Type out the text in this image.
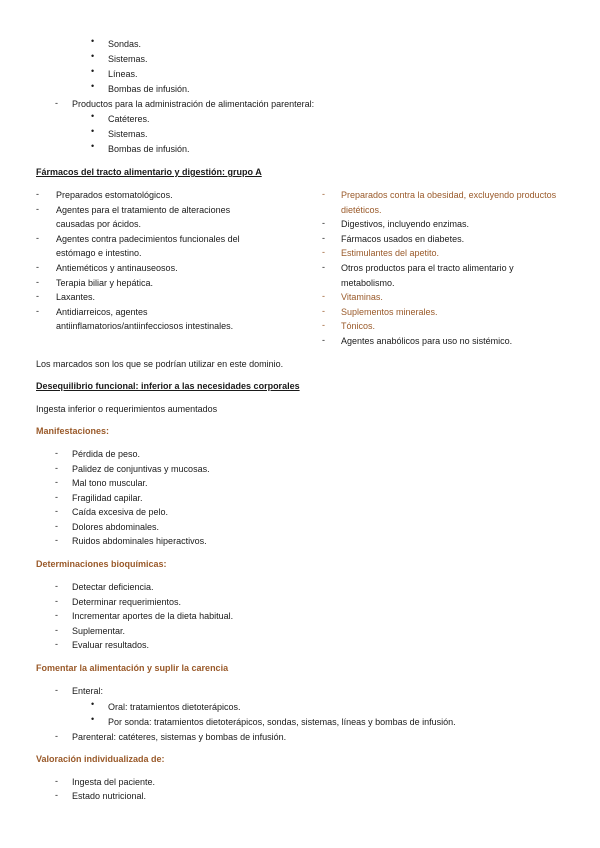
• Sondas.
• Sistemas.
• Líneas.
• Bombas de infusión.
- Productos para la administración de alimentación parenteral:
• Catéteres.
• Sistemas.
• Bombas de infusión.
Fármacos del tracto alimentario y digestión: grupo A
- Preparados estomatológicos.
- Agentes para el tratamiento de alteraciones
causadas por ácidos.
- Agentes contra padecimientos funcionales del
estómago e intestino.
- Antieméticos y antinauseosos.
- Terapia biliar y hepática.
- Laxantes.
- Antidiarreicos, agentes
antiinflamatorios/antiinfecciosos intestinales.
- Preparados contra la obesidad, excluyendo productos
dietéticos.
- Digestivos, incluyendo enzimas.
- Fármacos usados en diabetes.
- Estimulantes del apetito.
- Otros productos para el tracto alimentario y
metabolismo.
- Vitaminas.
- Suplementos minerales.
- Tónicos.
- Agentes anabólicos para uso no sistémico.
Los marcados son los que se podrían utilizar en este dominio.
Desequilibrio funcional: inferior a las necesidades corporales
Ingesta inferior o requerimientos aumentados
Manifestaciones:
- Pérdida de peso.
- Palidez de conjuntivas y mucosas.
- Mal tono muscular.
- Fragilidad capilar.
- Caída excesiva de pelo.
- Dolores abdominales.
- Ruidos abdominales hiperactivos.
Determinaciones bioquímicas:
- Detectar deficiencia.
- Determinar requerimientos.
- Incrementar aportes de la dieta habitual.
- Suplementar.
- Evaluar resultados.
Fomentar la alimentación y suplir la carencia
- Enteral:
• Oral: tratamientos dietoterápicos.
• Por sonda: tratamientos dietoterápicos, sondas, sistemas, líneas y bombas de infusión.
- Parenteral: catéteres, sistemas y bombas de infusión.
Valoración individualizada de:
- Ingesta del paciente.
- Estado nutricional.
